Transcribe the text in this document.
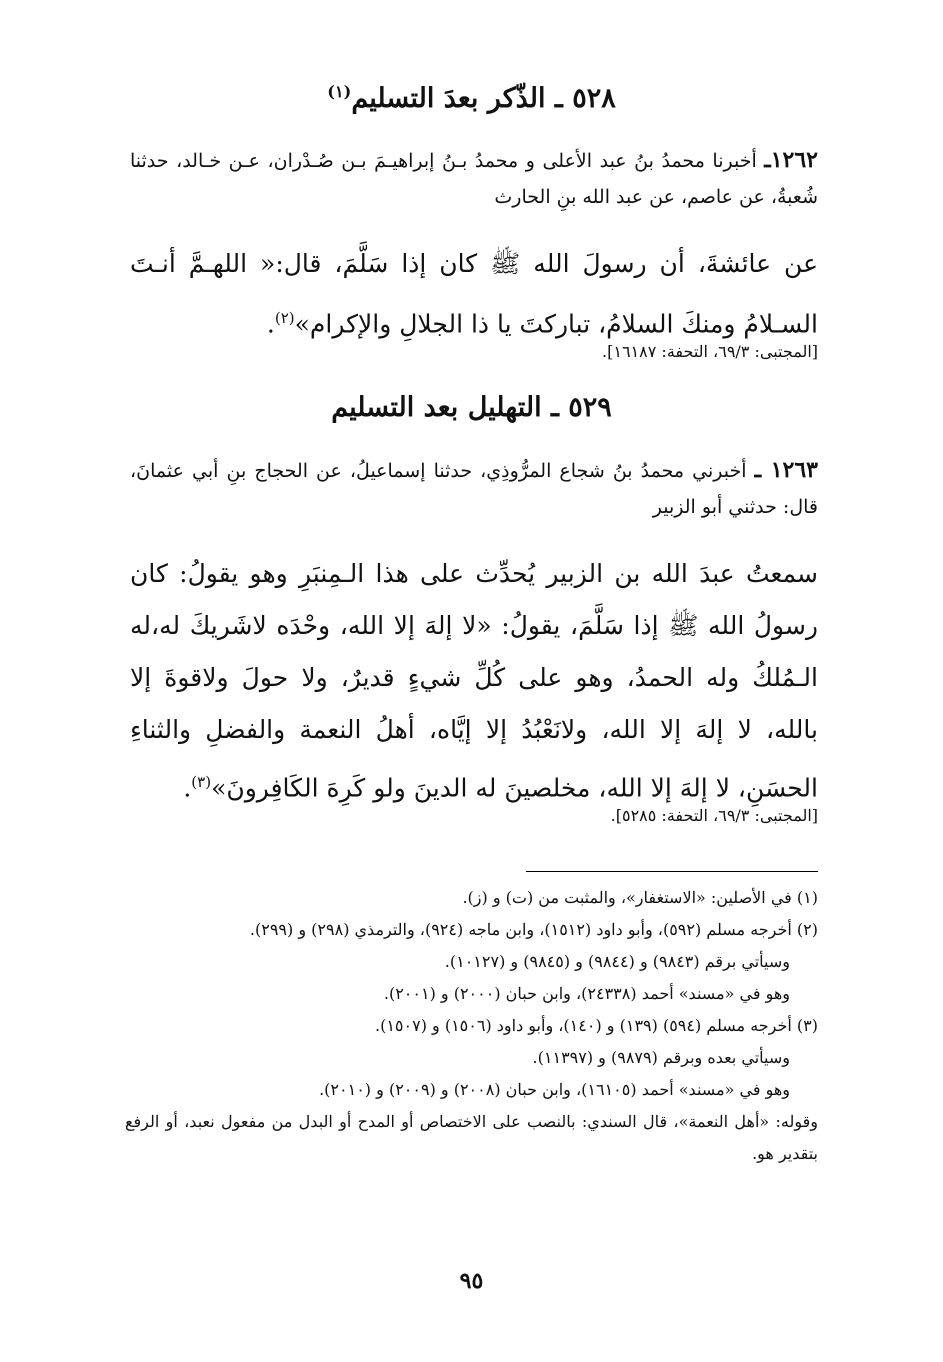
٥٢٨ ـ الذّكر بعدَ التسليم$^{(١)}$
١٢٦٢ـ أخبرنا محمدُ بنُ عبد الأعلى و محمدُ بـنُ إبراهيـمَ بـن صُـدْران، عـن خـالد، حدثنا شُعبةُ، عن عاصم، عن عبد الله بنِ الحارث
عن عائشةَ، أن رسولَ الله ﷺ كان إذا سَلَّمَ، قال:« اللهـمَّ أنـتَ السـلامُ ومنكَ السلامُ، تباركتَ يا ذا الجلالِ والإكرام»$^{(٢)}$.
[المجتبى: ٦٩/٣، التحفة: ١٦١٨٧].
٥٢٩ ـ التهليل بعد التسليم
١٢٦٣ ـ أخبرني محمدُ بنُ شجاع المرُّوذِي، حدثنا إسماعيلُ، عن الحجاج بنِ أبي عثمانَ، قال: حدثني أبو الزبير
سمعتُ عبدَ الله بن الزبير يُحدِّث على هذا الـمِنبَرِ وهو يقولُ: كان رسولُ الله ﷺ إذا سَلَّمَ، يقولُ: «لا إلهَ إلا الله، وحْدَه لاشَريكَ له،له الـمُلكُ وله الحمدُ، وهو على كُلِّ شيءٍ قديرٌ، ولا حولَ ولاقوةَ إلا بالله، لا إلهَ إلا الله، ولانَعْبُدُ إلا إيَّاه، أهلُ النعمة والفضلِ والثناءِ الحسَنِ، لا إلهَ إلا الله، مخلصينَ له الدينَ ولو كَرِهَ الكَافِرونَ»$^{(٣)}$.
[المجتبى: ٦٩/٣، التحفة: ٥٢٨٥].
(١) في الأصلين: «الاستغفار»، والمثبت من (ت) و (ز).
(٢) أخرجه مسلم (٥٩٢)، وأبو داود (١٥١٢)، وابن ماجه (٩٢٤)، والترمذي (٢٩٨) و (٢٩٩).
وسيأتي برقم (٩٨٤٣) و (٩٨٤٤) و (٩٨٤٥) و (١٠١٢٧).
وهو في «مسند» أحمد (٢٤٣٣٨)، وابن حبان (٢٠٠٠) و (٢٠٠١).
(٣) أخرجه مسلم (٥٩٤) (١٣٩) و (١٤٠)، وأبو داود (١٥٠٦) و (١٥٠٧).
وسيأتي بعده وبرقم (٩٨٧٩) و (١١٣٩٧).
وهو في «مسند» أحمد (١٦١٠٥)، وابن حبان (٢٠٠٨) و (٢٠٠٩) و (٢٠١٠).
وقوله: «أهل النعمة»، قال السندي: بالنصب على الاختصاص أو المدح أو البدل من مفعول نعبد، أو الرفع بتقدير هو.
٩٥
